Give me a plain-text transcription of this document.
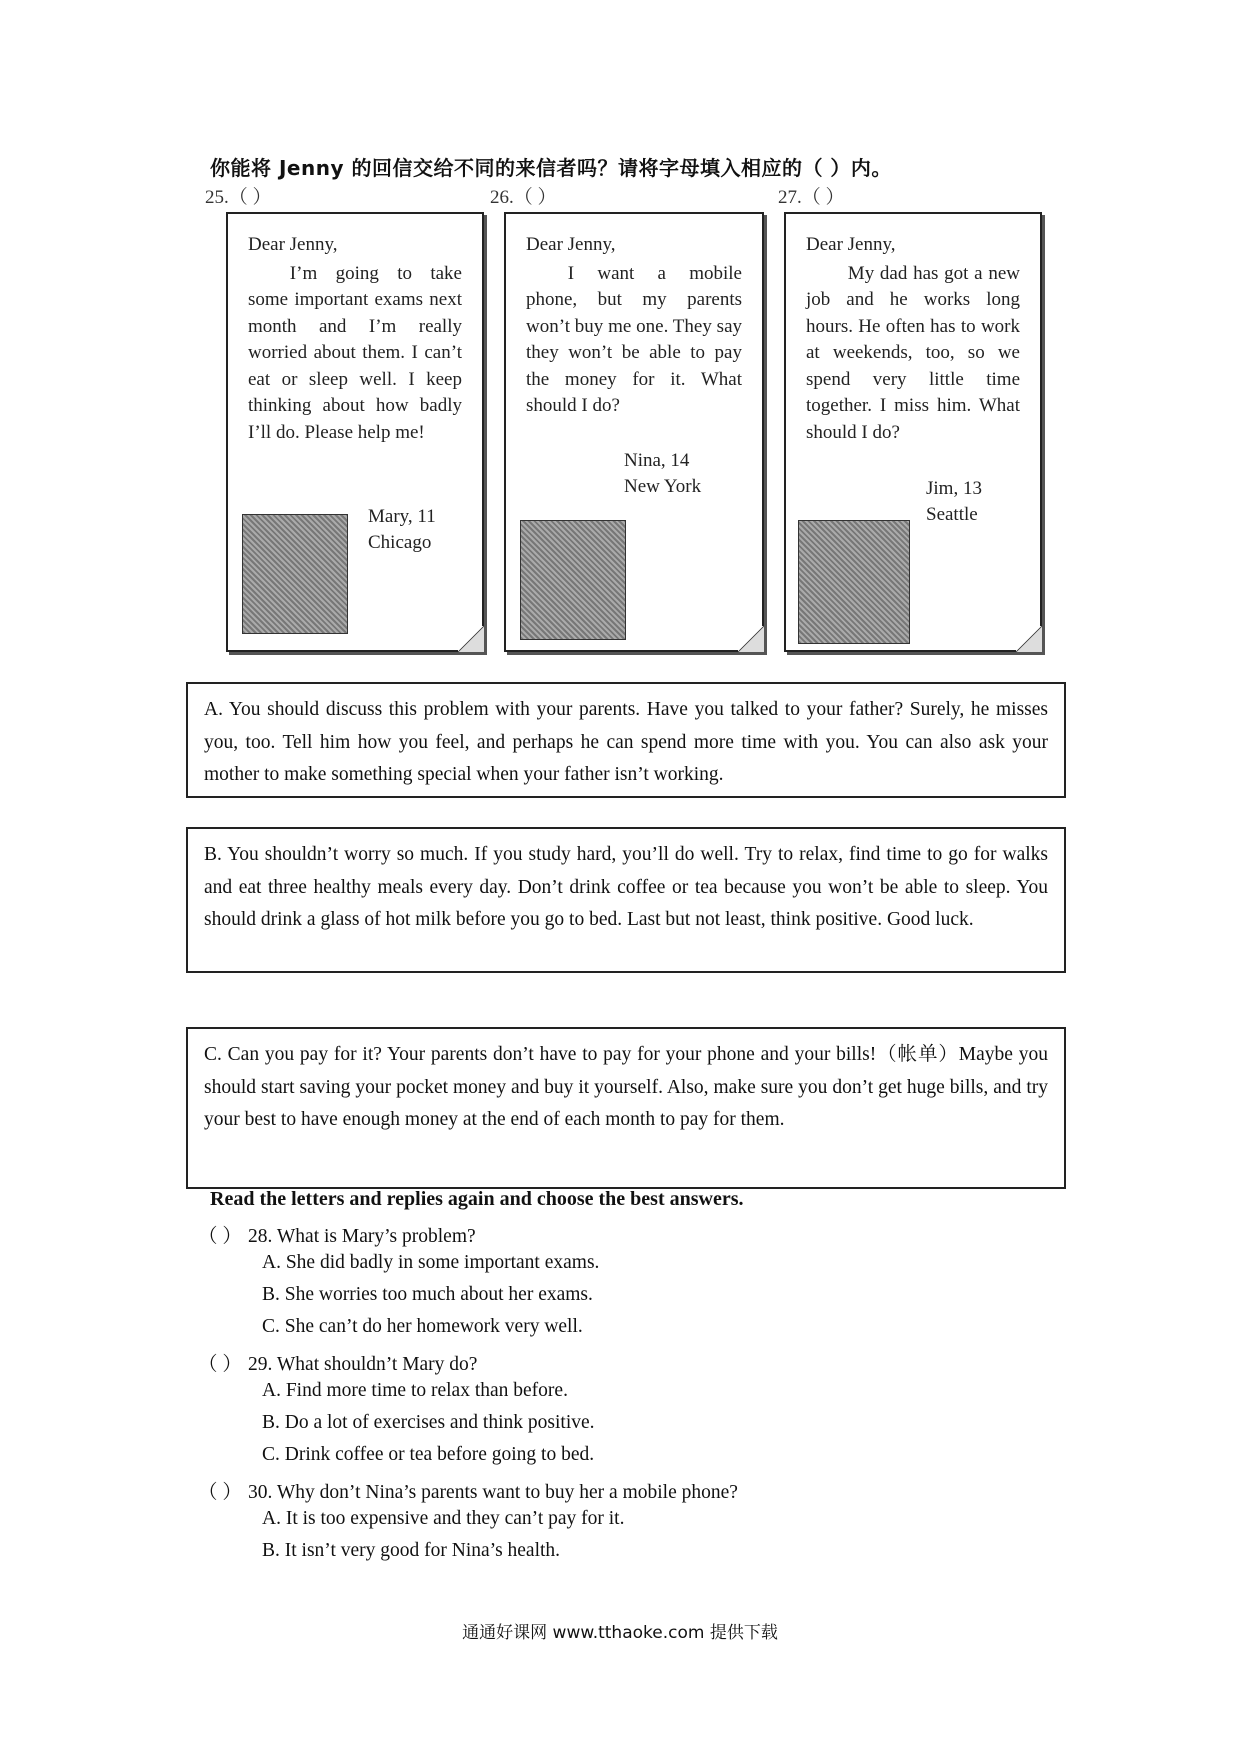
你能将 Jenny 的回信交给不同的来信者吗？请将字母填入相应的（ ）内。
25.（ ）	26.（ ）	27.（ ）
Dear Jenny,
I’m going to take some important exams next month and I’m really worried about them. I can’t eat or sleep well. I keep thinking about how badly I’ll do. Please help me!
Mary, 11
Chicago
Dear Jenny,
I want a mobile phone, but my parents won’t buy me one. They say they won’t be able to pay the money for it. What should I do?
Nina, 14
New York
Dear Jenny,
My dad has got a new job and he works long hours. He often has to work at weekends, too, so we spend very little time together. I miss him. What should I do?
Jim, 13
Seattle
A. You should discuss this problem with your parents. Have you talked to your father? Surely, he misses you, too. Tell him how you feel, and perhaps he can spend more time with you. You can also ask your mother to make something special when your father isn’t working.
B. You shouldn’t worry so much. If you study hard, you’ll do well. Try to relax, find time to go for walks and eat three healthy meals every day. Don’t drink coffee or tea because you won’t be able to sleep. You should drink a glass of hot milk before you go to bed. Last but not least, think positive. Good luck.
C. Can you pay for it? Your parents don’t have to pay for your phone and your bills!（帐单）Maybe you should start saving your pocket money and buy it yourself. Also, make sure you don’t get huge bills, and try your best to have enough money at the end of each month to pay for them.
Read the letters and replies again and choose the best answers.
（ ） 28. What is Mary’s problem?
A. She did badly in some important exams.
B. She worries too much about her exams.
C. She can’t do her homework very well.
（ ） 29. What shouldn’t Mary do?
A. Find more time to relax than before.
B. Do a lot of exercises and think positive.
C. Drink coffee or tea before going to bed.
（ ） 30. Why don’t Nina’s parents want to buy her a mobile phone?
A. It is too expensive and they can’t pay for it.
B. It isn’t very good for Nina’s health.
通通好课网 www.tthaoke.com 提供下载
